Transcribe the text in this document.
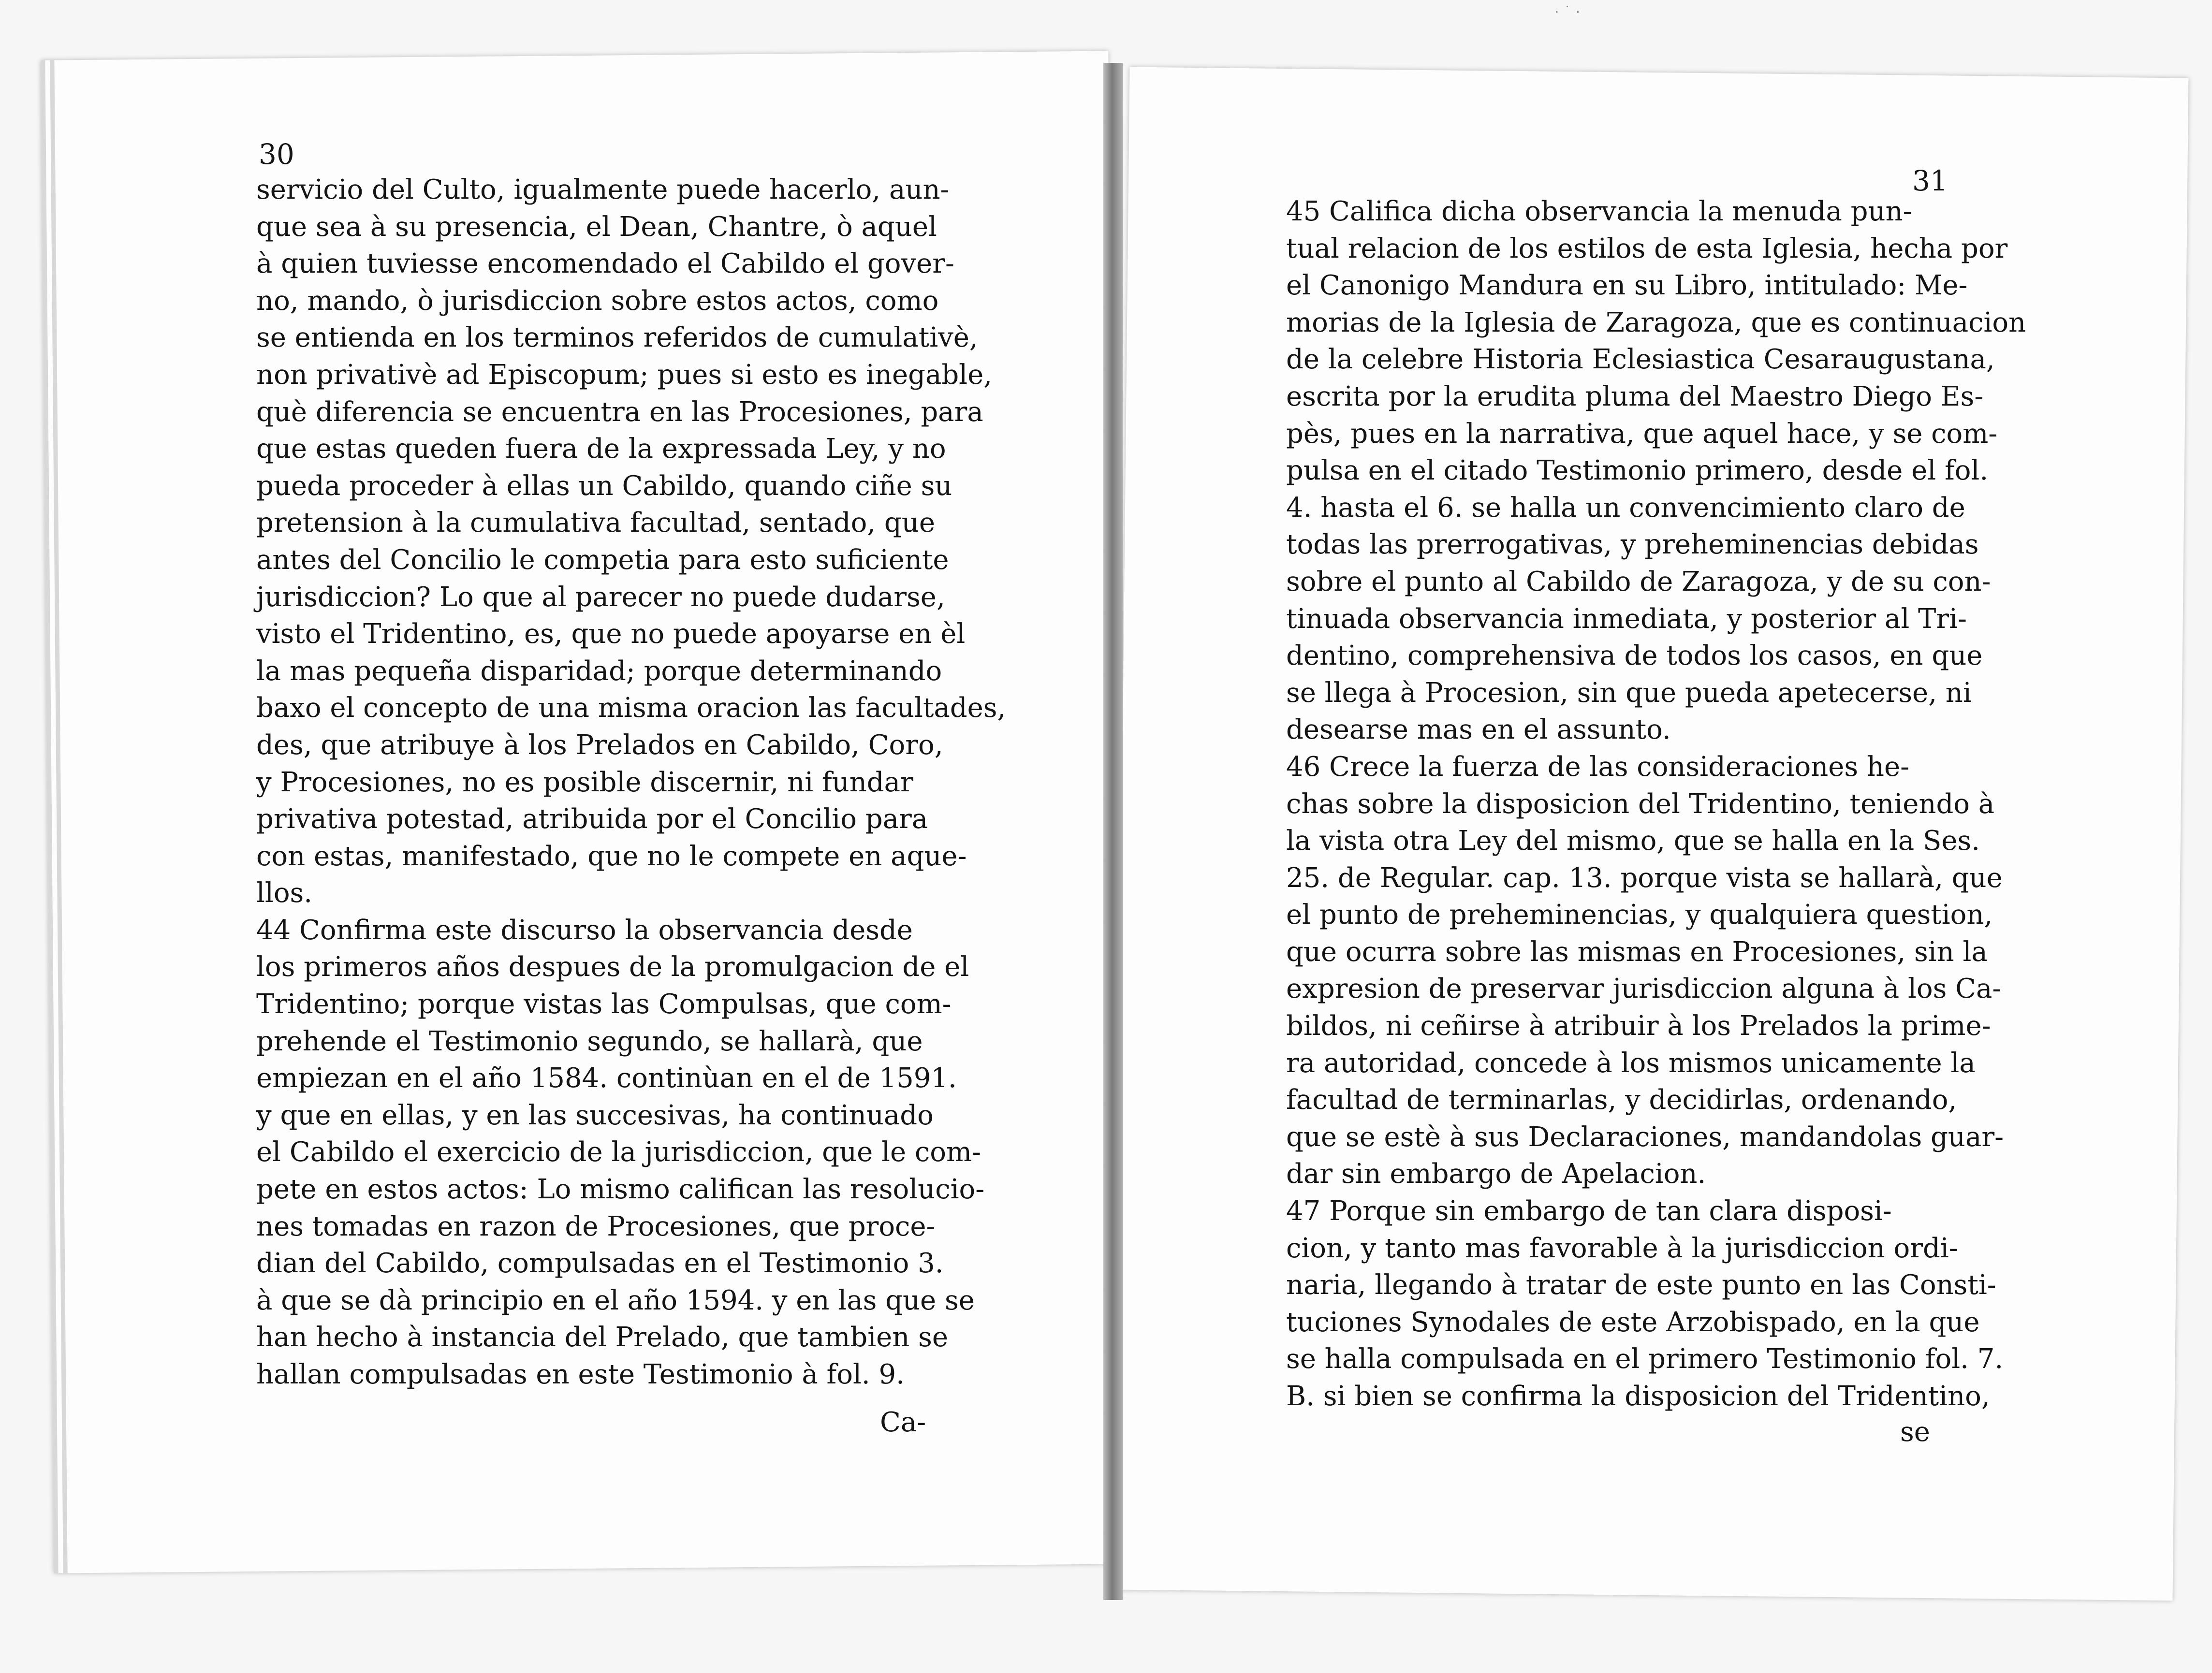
· ˙ ·
30
servicio del Culto, igualmente puede hacerlo, aun-
que sea à su presencia, el Dean, Chantre, ò aquel
à quien tuviesse encomendado el Cabildo el gover-
no, mando, ò jurisdiccion sobre estos actos, como
se entienda en los terminos referidos de cumulativè,
non privativè ad Episcopum; pues si esto es inegable,
què diferencia se encuentra en las Procesiones, para
que estas queden fuera de la expressada Ley, y no
pueda proceder à ellas un Cabildo, quando ciñe su
pretension à la cumulativa facultad, sentado, que
antes del Concilio le competia para esto suficiente
jurisdiccion? Lo que al parecer no puede dudarse,
visto el Tridentino, es, que no puede apoyarse en èl
la mas pequeña disparidad; porque determinando
baxo el concepto de una misma oracion las facultades,
des, que atribuye à los Prelados en Cabildo, Coro,
y Procesiones, no es posible discernir, ni fundar
privativa potestad, atribuida por el Concilio para
con estas, manifestado, que no le compete en aque-
llos.
44 Confirma este discurso la observancia desde
los primeros años despues de la promulgacion de el
Tridentino; porque vistas las Compulsas, que com-
prehende el Testimonio segundo, se hallarà, que
empiezan en el año 1584. continùan en el de 1591.
y que en ellas, y en las succesivas, ha continuado
el Cabildo el exercicio de la jurisdiccion, que le com-
pete en estos actos: Lo mismo califican las resolucio-
nes tomadas en razon de Procesiones, que proce-
dian del Cabildo, compulsadas en el Testimonio 3.
à que se dà principio en el año 1594. y en las que se
han hecho à instancia del Prelado, que tambien se
hallan compulsadas en este Testimonio à fol. 9.
Ca-
31
45 Califica dicha observancia la menuda pun-
tual relacion de los estilos de esta Iglesia, hecha por
el Canonigo Mandura en su Libro, intitulado: Me-
morias de la Iglesia de Zaragoza, que es continuacion
de la celebre Historia Eclesiastica Cesaraugustana,
escrita por la erudita pluma del Maestro Diego Es-
pès, pues en la narrativa, que aquel hace, y se com-
pulsa en el citado Testimonio primero, desde el fol.
4. hasta el 6. se halla un convencimiento claro de
todas las prerrogativas, y preheminencias debidas
sobre el punto al Cabildo de Zaragoza, y de su con-
tinuada observancia inmediata, y posterior al Tri-
dentino, comprehensiva de todos los casos, en que
se llega à Procesion, sin que pueda apetecerse, ni
desearse mas en el assunto.
46 Crece la fuerza de las consideraciones he-
chas sobre la disposicion del Tridentino, teniendo à
la vista otra Ley del mismo, que se halla en la Ses.
25. de Regular. cap. 13. porque vista se hallarà, que
el punto de preheminencias, y qualquiera question,
que ocurra sobre las mismas en Procesiones, sin la
expresion de preservar jurisdiccion alguna à los Ca-
bildos, ni ceñirse à atribuir à los Prelados la prime-
ra autoridad, concede à los mismos unicamente la
facultad de terminarlas, y decidirlas, ordenando,
que se estè à sus Declaraciones, mandandolas guar-
dar sin embargo de Apelacion.
47 Porque sin embargo de tan clara disposi-
cion, y tanto mas favorable à la jurisdiccion ordi-
naria, llegando à tratar de este punto en las Consti-
tuciones Synodales de este Arzobispado, en la que
se halla compulsada en el primero Testimonio fol. 7.
B. si bien se confirma la disposicion del Tridentino,
se
